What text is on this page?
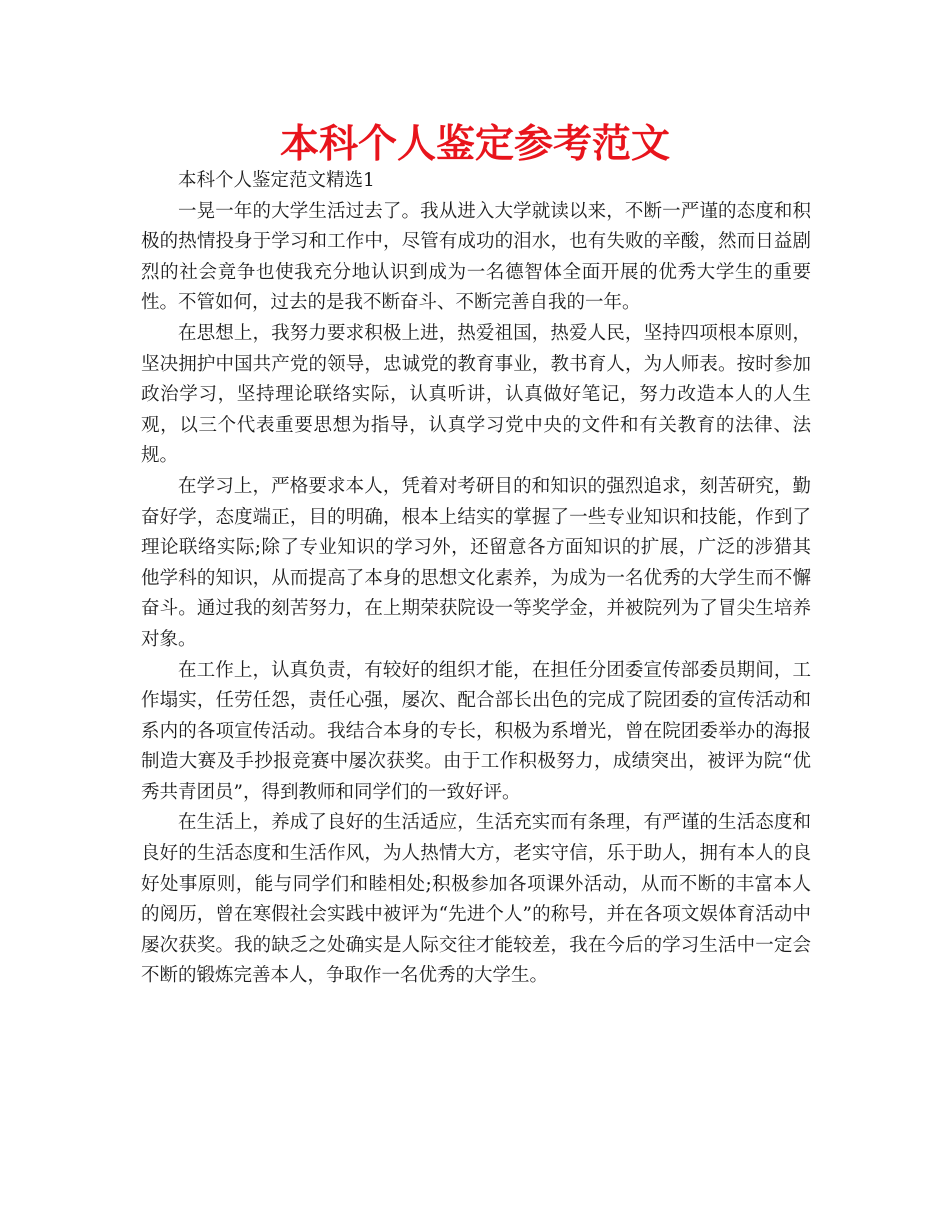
本科个人鉴定参考范文

本科个人鉴定范文精选1

一晃一年的大学生活过去了。我从进入大学就读以来，不断一严谨的态度和积极的热情投身于学习和工作中，尽管有成功的泪水，也有失败的辛酸，然而日益剧烈的社会竟争也使我充分地认识到成为一名德智体全面开展的优秀大学生的重要性。不管如何，过去的是我不断奋斗、不断完善自我的一年。

在思想上，我努力要求积极上进，热爱祖国，热爱人民，坚持四项根本原则，坚决拥护中国共产党的领导，忠诚党的教育事业，教书育人，为人师表。按时参加政治学习，坚持理论联络实际，认真听讲，认真做好笔记，努力改造本人的人生观，以三个代表重要思想为指导，认真学习党中央的文件和有关教育的法律、法规。

在学习上，严格要求本人，凭着对考研目的和知识的强烈追求，刻苦研究，勤奋好学，态度端正，目的明确，根本上结实的掌握了一些专业知识和技能，作到了理论联络实际;除了专业知识的学习外，还留意各方面知识的扩展，广泛的涉猎其他学科的知识，从而提高了本身的思想文化素养，为成为一名优秀的大学生而不懈奋斗。通过我的刻苦努力，在上期荣获院设一等奖学金，并被院列为了冒尖生培养对象。

在工作上，认真负责，有较好的组织才能，在担任分团委宣传部委员期间，工作塌实，任劳任怨，责任心强，屡次、配合部长出色的完成了院团委的宣传活动和系内的各项宣传活动。我结合本身的专长，积极为系增光，曾在院团委举办的海报制造大赛及手抄报竞赛中屡次获奖。由于工作积极努力，成绩突出，被评为院“优秀共青团员”，得到教师和同学们的一致好评。

在生活上，养成了良好的生活适应，生活充实而有条理，有严谨的生活态度和良好的生活态度和生活作风，为人热情大方，老实守信，乐于助人，拥有本人的良好处事原则，能与同学们和睦相处;积极参加各项课外活动，从而不断的丰富本人的阅历，曾在寒假社会实践中被评为“先进个人”的称号，并在各项文娱体育活动中屡次获奖。我的缺乏之处确实是人际交往才能较差，我在今后的学习生活中一定会不断的锻炼完善本人，争取作一名优秀的大学生。
